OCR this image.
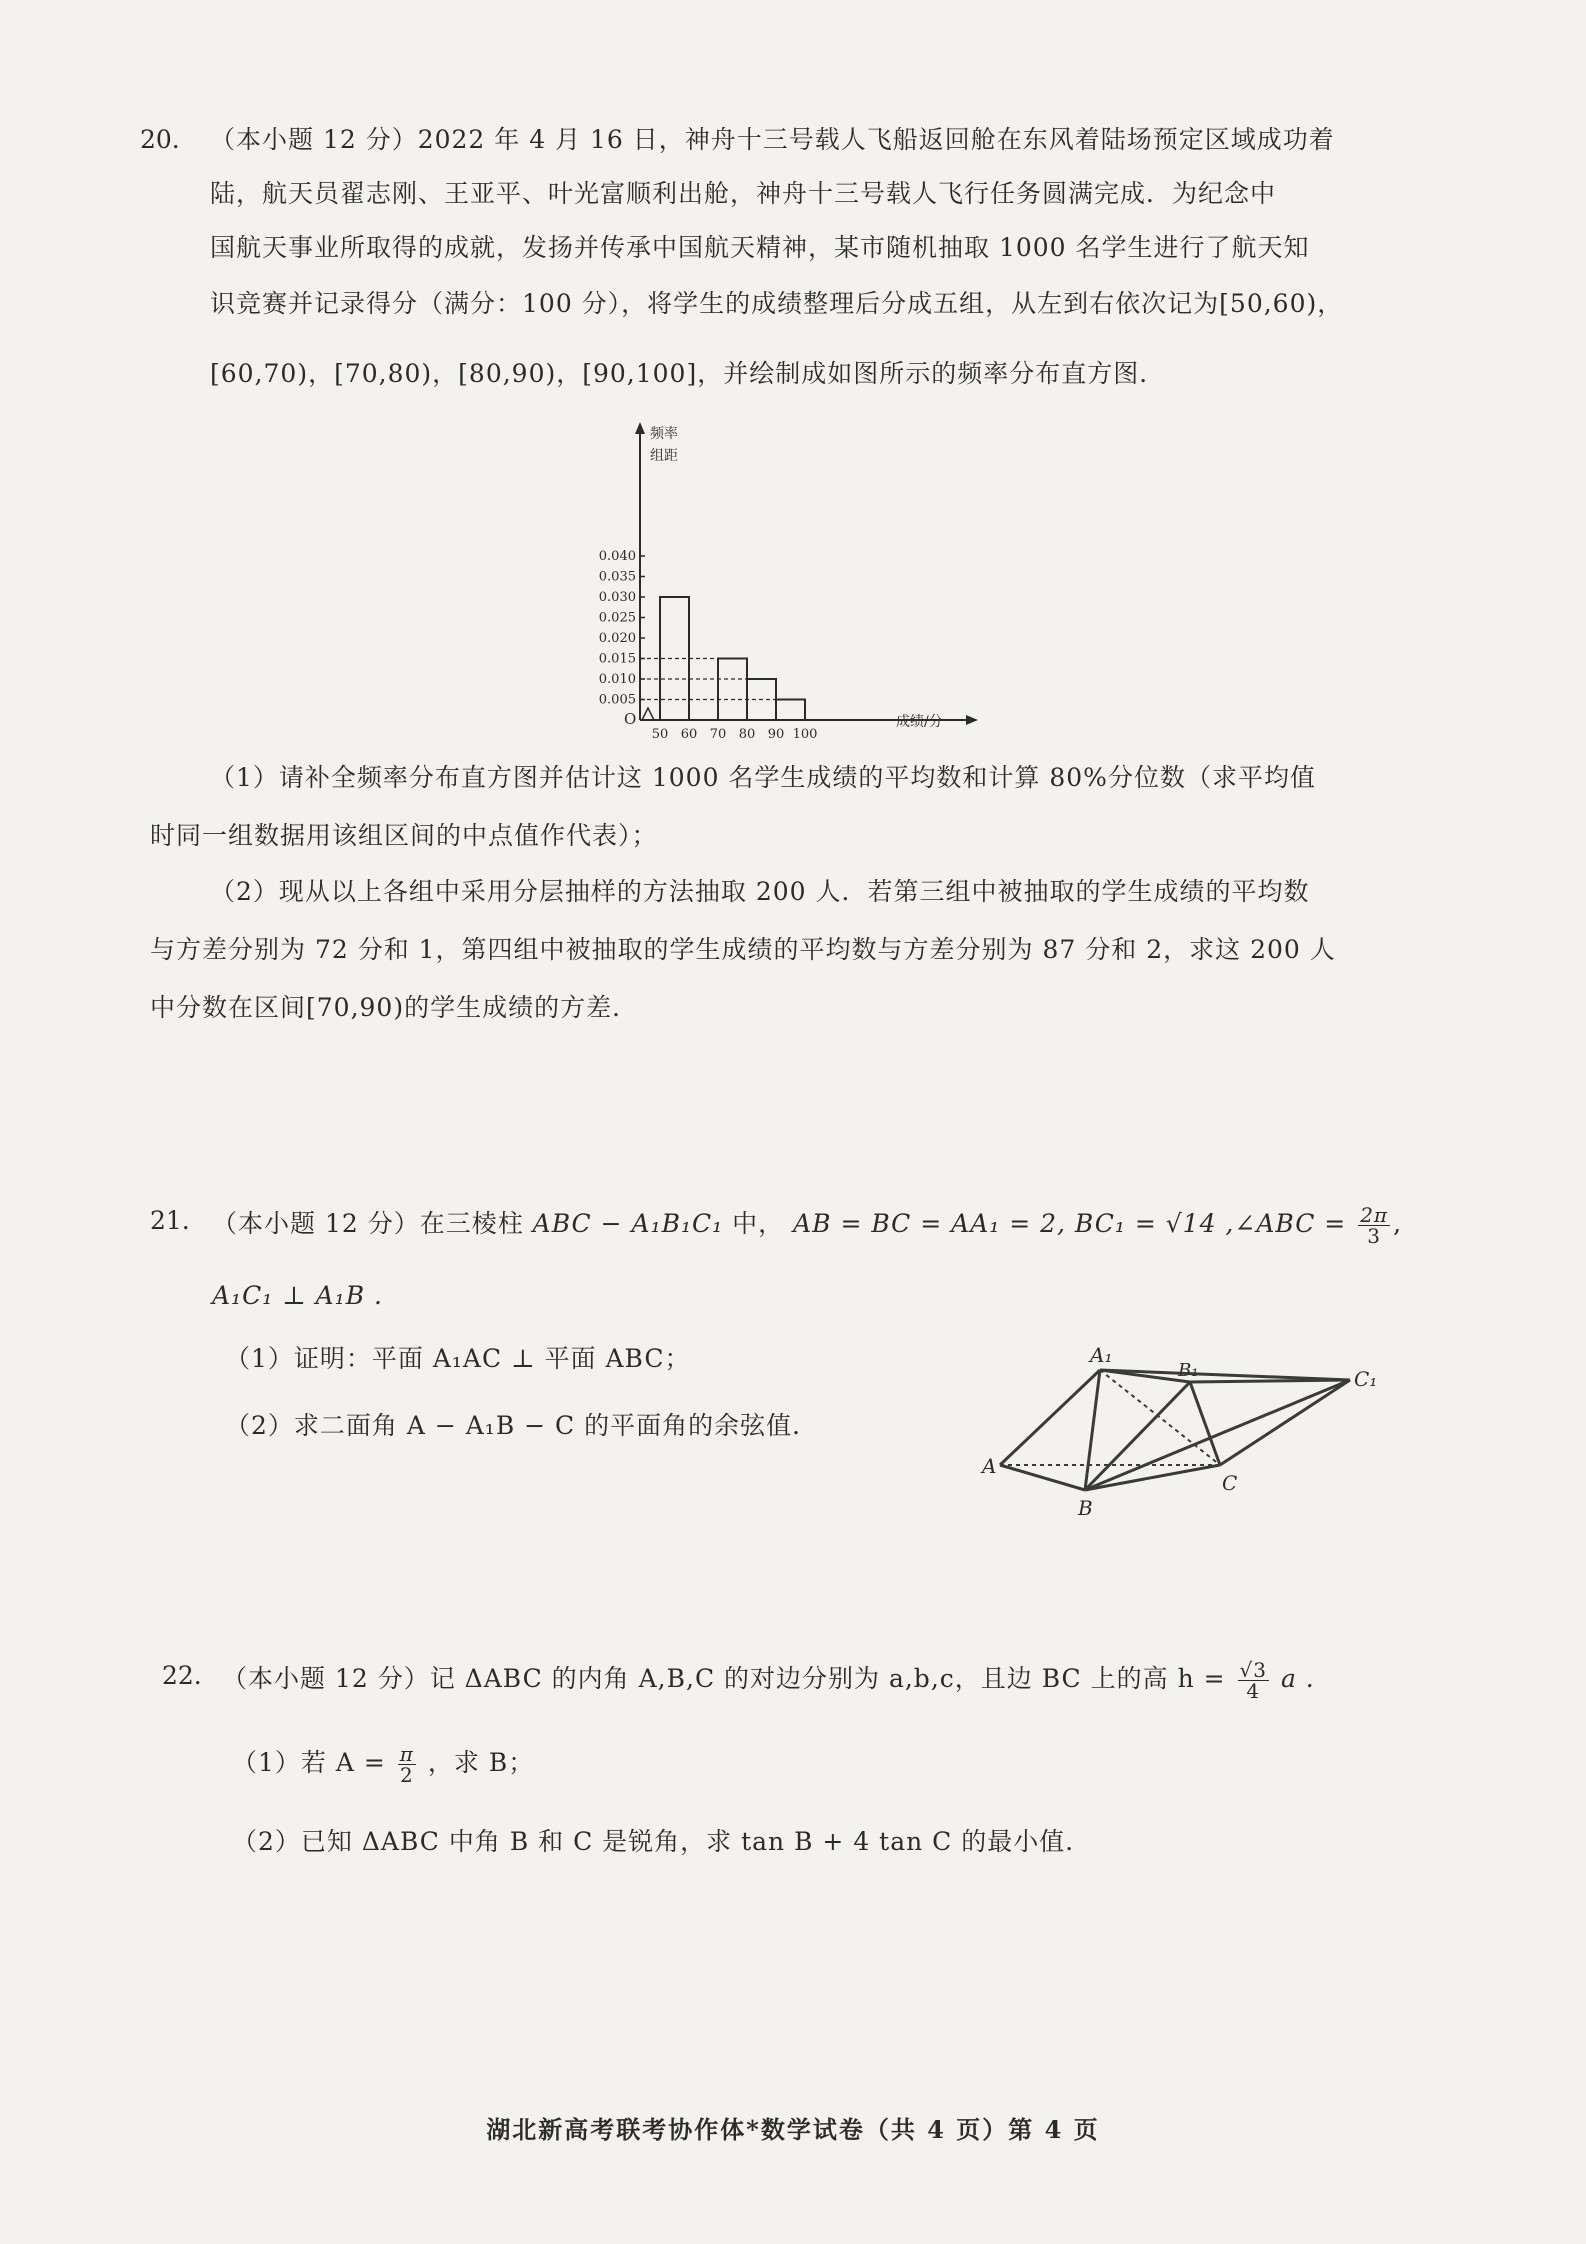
20. （本小题 12 分）2022 年 4 月 16 日，神舟十三号载人飞船返回舱在东风着陆场预定区域成功着
陆，航天员翟志刚、王亚平、叶光富顺利出舱，神舟十三号载人飞行任务圆满完成．为纪念中
国航天事业所取得的成就，发扬并传承中国航天精神，某市随机抽取 1000 名学生进行了航天知
识竞赛并记录得分（满分：100 分），将学生的成绩整理后分成五组，从左到右依次记为[50,60)，
[60,70)，[70,80)，[80,90)，[90,100]，并绘制成如图所示的频率分布直方图．
频率
组距
O	成绩/分
0.040
0.035
0.030
0.025
0.020
0.015
0.010
0.005
50 60 70 80 90 100
（1）请补全频率分布直方图并估计这 1000 名学生成绩的平均数和计算 80%分位数（求平均值
时同一组数据用该组区间的中点值作代表）；
（2）现从以上各组中采用分层抽样的方法抽取 200 人．若第三组中被抽取的学生成绩的平均数
与方差分别为 72 分和 1，第四组中被抽取的学生成绩的平均数与方差分别为 87 分和 2，求这 200 人
中分数在区间[70,90)的学生成绩的方差．
21. （本小题 12 分）在三棱柱 ABC − A₁B₁C₁ 中， AB = BC = AA₁ = 2, BC₁ = √14 ,∠ABC = $\frac{2\pi}{3}$ ,
A₁C₁ ⊥ A₁B .
（1）证明：平面 A₁AC ⊥ 平面 ABC；
（2）求二面角 A − A₁B − C 的平面角的余弦值．
A₁
B₁	C₁
A
B
C
22. （本小题 12 分）记 ΔABC 的内角 A,B,C 的对边分别为 a,b,c，且边 BC 上的高 $h = \frac{√3}{4}$ a .
（1）若 $A = \frac{\pi}{2}$ ，求 B；
（2）已知 ΔABC 中角 B 和 C 是锐角，求 tan B + 4 tan C 的最小值．
湖北新高考联考协作体*数学试卷（共 4 页）第 4 页
